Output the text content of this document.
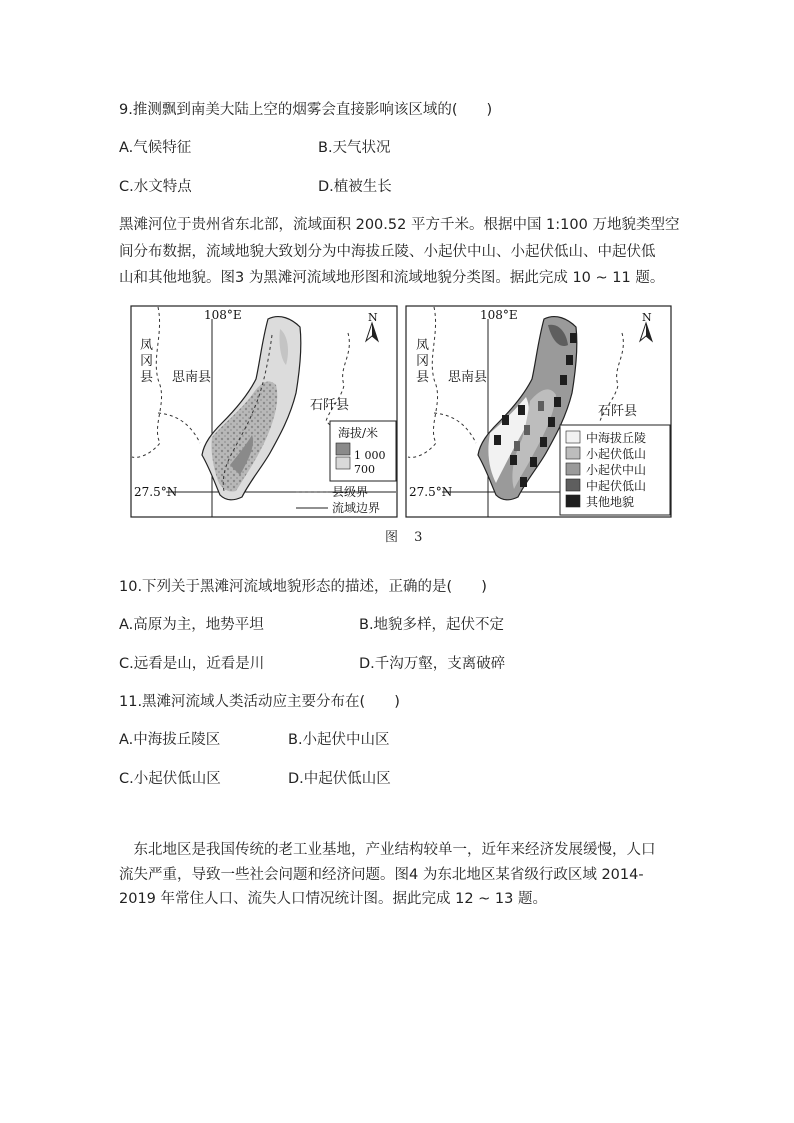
9.推测飘到南美大陆上空的烟雾会直接影响该区域的(　　)
A.气候特征	B.天气状况
C.水文特点	D.植被生长
黑滩河位于贵州省东北部，流域面积 200.52 平方千米。根据中国 1:100 万地貌类型空
间分布数据，流域地貌大致划分为中海拔丘陵、小起伏中山、小起伏低山、中起伏低
山和其他地貌。图3 为黑滩河流域地形图和流域地貌分类图。据此完成 10 ~ 11 题。
108°E
27.5°N
N
凤
冈
县 思南县
石阡县
海拔/米
1 000
700
县级界
流域边界
108°E
27.5°N
N
凤
冈
县 思南县
石阡县
中海拔丘陵
小起伏低山
小起伏中山
中起伏低山
其他地貌
图 3
10.下列关于黑滩河流域地貌形态的描述，正确的是(　　)
A.高原为主，地势平坦	B.地貌多样，起伏不定
C.远看是山，近看是川	D.千沟万壑，支离破碎
11.黑滩河流域人类活动应主要分布在(　　)
A.中海拔丘陵区	B.小起伏中山区
C.小起伏低山区	D.中起伏低山区
　东北地区是我国传统的老工业基地，产业结构较单一，近年来经济发展缓慢，人口
流失严重，导致一些社会问题和经济问题。图4 为东北地区某省级行政区域 2014-
2019 年常住人口、流失人口情况统计图。据此完成 12 ~ 13 题。
